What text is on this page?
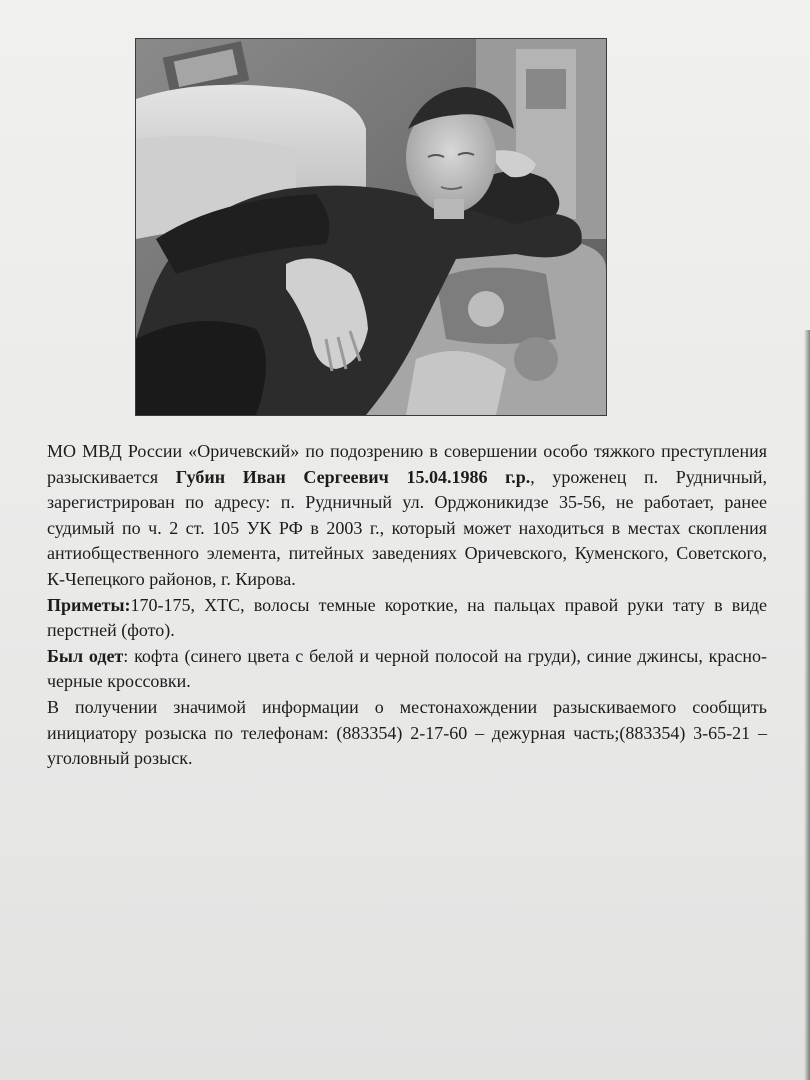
МО МВД России «Оричевский» по подозрению в совершении особо тяжкого преступления разыскивается Губин Иван Сергеевич 15.04.1986 г.р., уроженец п. Рудничный, зарегистрирован по адресу: п. Рудничный ул. Орджоникидзе 35-56, не работает, ранее судимый по ч. 2 ст. 105 УК РФ в 2003 г., который может находиться в местах скопления антиобщественного элемента, питейных заведениях Оричевского, Куменского, Советского, К-Чепецкого районов, г. Кирова.

Приметы:170-175, ХТС, волосы темные короткие, на пальцах правой руки тату в виде перстней (фото).

Был одет: кофта (синего цвета с белой и черной полосой на груди), синие джинсы, красно-черные кроссовки.

В получении значимой информации о местонахождении разыскиваемого сообщить инициатору розыска по телефонам: (883354) 2-17-60 – дежурная часть;(883354) 3-65-21 – уголовный розыск.
